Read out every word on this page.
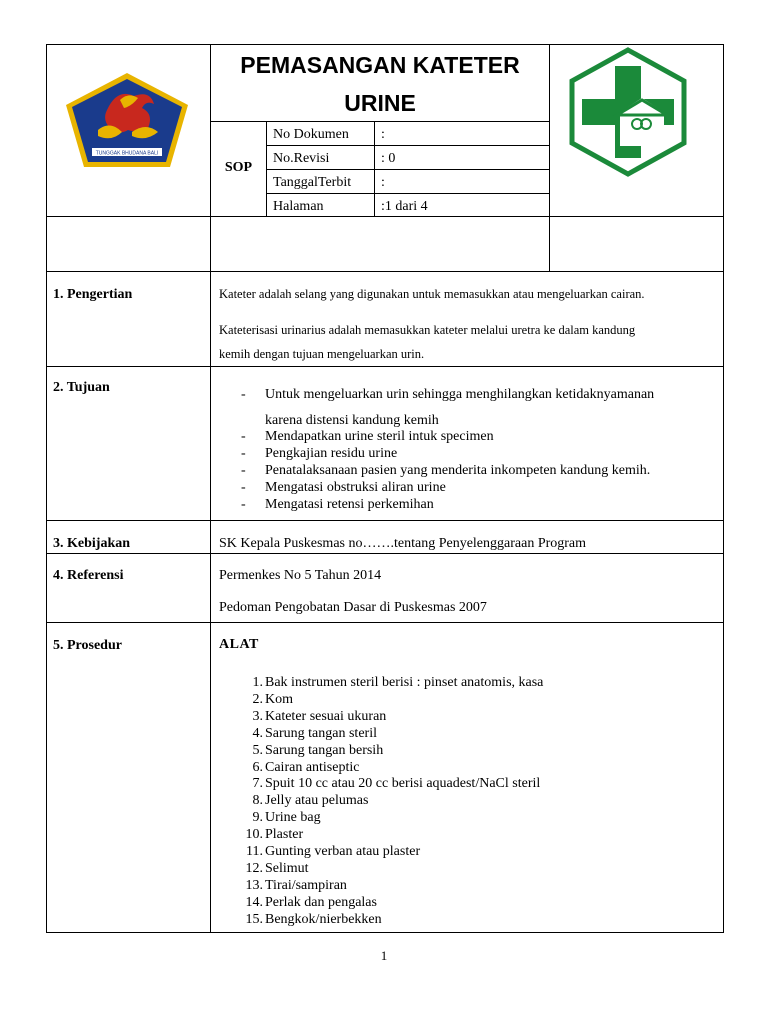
TUNGGAK BHUDANA BALI
PEMASANGAN KATETER
URINE
SOP
No Dokumen :
No.Revisi	: 0
TanggalTerbit :
Halaman	:1 dari 4
1. Pengertian	Kateter adalah selang yang digunakan untuk memasukkan atau mengeluarkan cairan.
Kateterisasi urinarius adalah memasukkan kateter melalui uretra ke dalam kandung
kemih dengan tujuan mengeluarkan urin.
2. Tujuan	- Untuk mengeluarkan urin sehingga menghilangkan ketidaknyamanan
karena distensi kandung kemih
- Mendapatkan urine steril intuk specimen
- Pengkajian residu urine
- Penatalaksanaan pasien yang menderita inkompeten kandung kemih.
- Mengatasi obstruksi aliran urine
- Mengatasi retensi perkemihan
3. Kebijakan	SK Kepala Puskesmas no…….tentang Penyelenggaraan Program
4. Referensi	Permenkes No 5 Tahun 2014
Pedoman Pengobatan Dasar di Puskesmas 2007
5. Prosedur	ALAT
1. Bak instrumen steril berisi : pinset anatomis, kasa
2. Kom
3. Kateter sesuai ukuran
4. Sarung tangan steril
5. Sarung tangan bersih
6. Cairan antiseptic
7. Spuit 10 cc atau 20 cc berisi aquadest/NaCl steril
8. Jelly atau pelumas
9. Urine bag
10. Plaster
11. Gunting verban atau plaster
12. Selimut
13. Tirai/sampiran
14. Perlak dan pengalas
15. Bengkok/nierbekken
1
